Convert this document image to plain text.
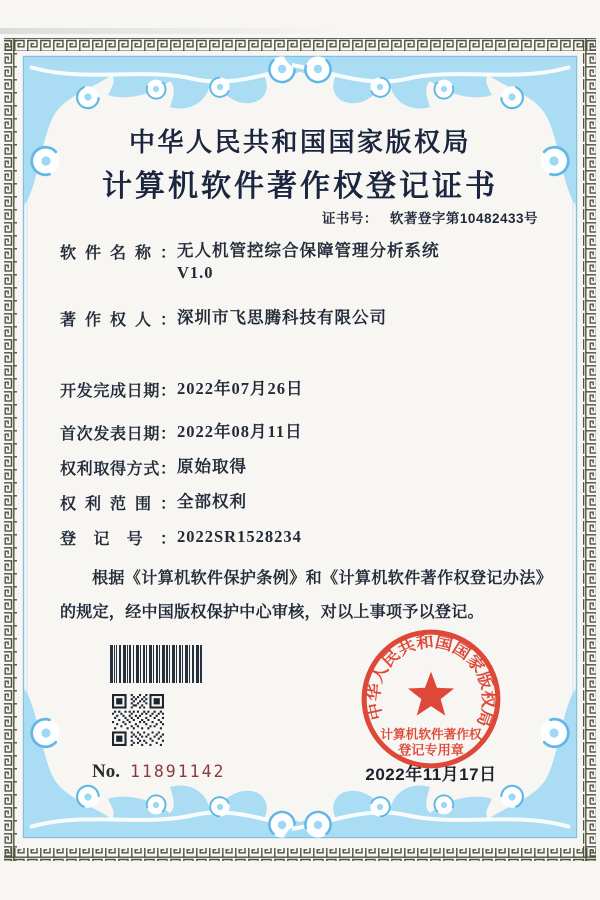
中华人民共和国国家版权局
计算机软件著作权登记证书
证书号： 软著登字第10482433号
软件名称： 无人机管控综合保障管理分析系统
V1.0
著作权人： 深圳市飞思腾科技有限公司
开发完成日期： 2022年07月26日
首次发表日期： 2022年08月11日
权利取得方式： 原始取得
权利范围： 全部权利
登记号： 2022SR1528234
根据《计算机软件保护条例》和《计算机软件著作权登记办法》的规定，经中国版权保护中心审核，对以上事项予以登记。
No. 11891142
中华人民共和国国家版权局
计算机软件著作权
登记专用章
2022年11月17日
